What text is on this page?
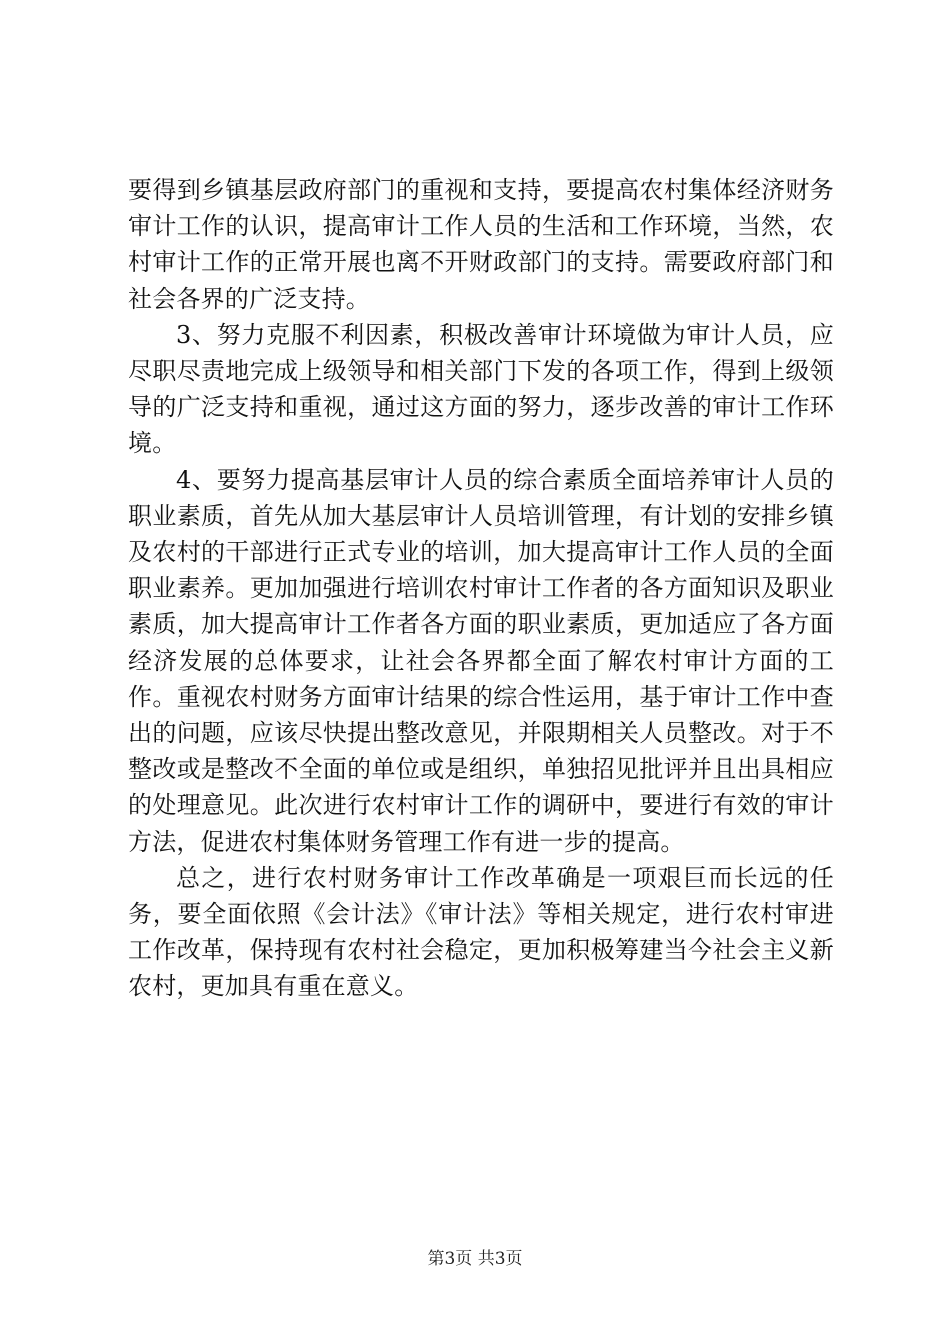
要得到乡镇基层政府部门的重视和支持，要提高农村集体经济财务审计工作的认识，提高审计工作人员的生活和工作环境，当然，农村审计工作的正常开展也离不开财政部门的支持。需要政府部门和社会各界的广泛支持。

3、努力克服不利因素，积极改善审计环境做为审计人员，应尽职尽责地完成上级领导和相关部门下发的各项工作，得到上级领导的广泛支持和重视，通过这方面的努力，逐步改善的审计工作环境。

4、要努力提高基层审计人员的综合素质全面培养审计人员的职业素质，首先从加大基层审计人员培训管理，有计划的安排乡镇及农村的干部进行正式专业的培训，加大提高审计工作人员的全面职业素养。更加加强进行培训农村审计工作者的各方面知识及职业素质，加大提高审计工作者各方面的职业素质，更加适应了各方面经济发展的总体要求，让社会各界都全面了解农村审计方面的工作。重视农村财务方面审计结果的综合性运用，基于审计工作中查出的问题，应该尽快提出整改意见，并限期相关人员整改。对于不整改或是整改不全面的单位或是组织，单独招见批评并且出具相应的处理意见。此次进行农村审计工作的调研中，要进行有效的审计方法，促进农村集体财务管理工作有进一步的提高。

总之，进行农村财务审计工作改革确是一项艰巨而长远的任务，要全面依照《会计法》《审计法》等相关规定，进行农村审进工作改革，保持现有农村社会稳定，更加积极筹建当今社会主义新农村，更加具有重在意义。

第3页 共3页
